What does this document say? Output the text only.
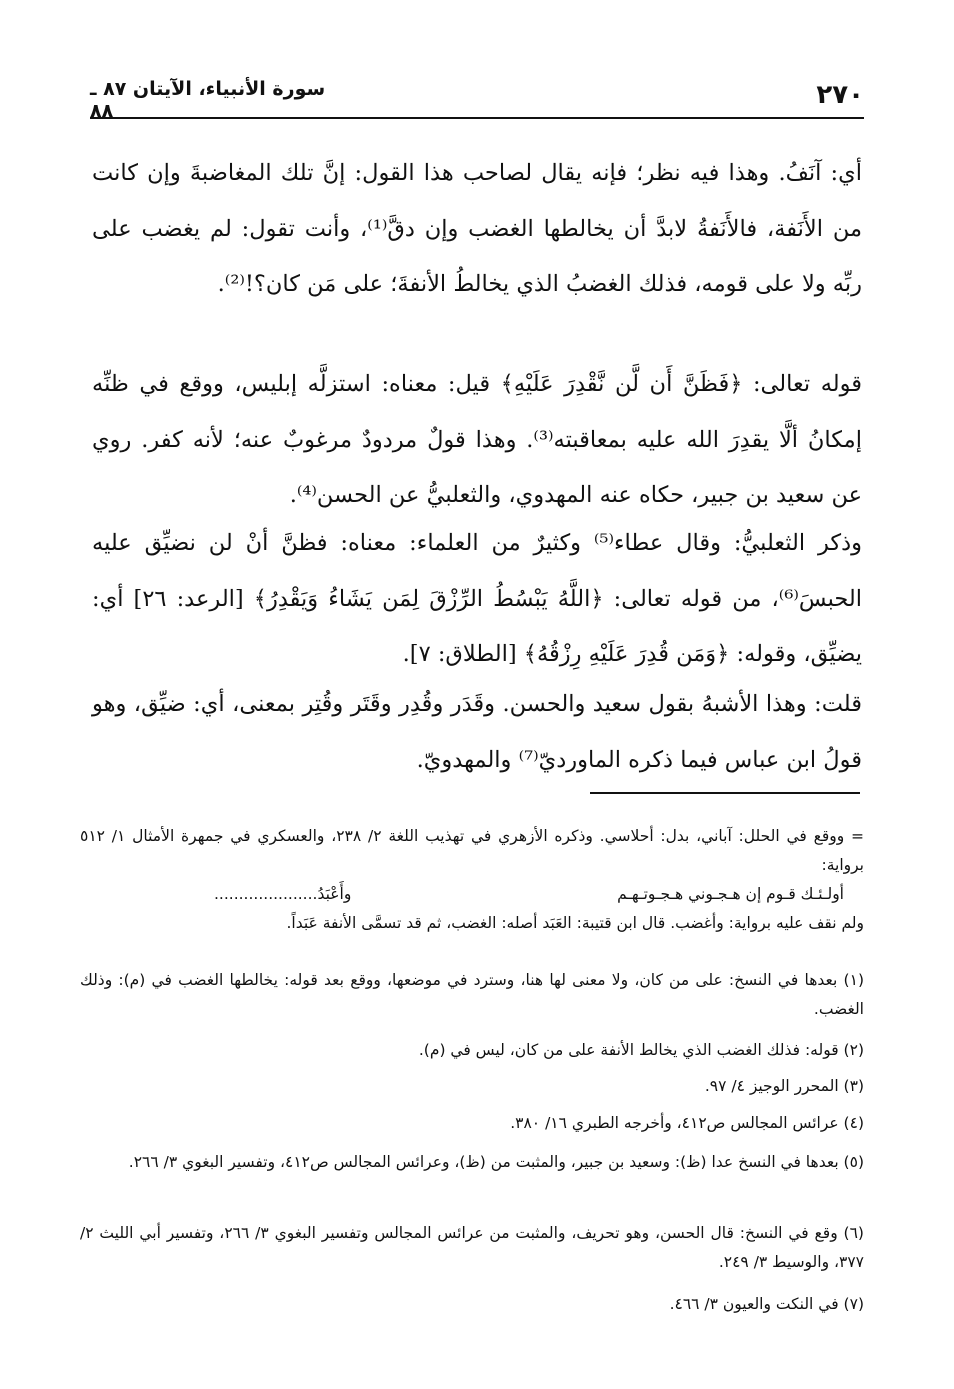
٢٧٠
سورة الأنبياء، الآيتان ٨٧ ـ ٨٨

أي: آنَفُ. وهذا فيه نظر؛ فإنه يقال لصاحب هذا القول: إنَّ تلك المغاضبةَ وإن كانت من الأَنَفة، فالأَنَفةُ لابدَّ أن يخالطها الغضب وإن دقَّ⁽¹⁾، وأنت تقول: لم يغضب على ربِّه ولا على قومه، فذلك الغضبُ الذي يخالطُ الأنفةَ؛ على مَن كان؟!⁽²⁾.

قوله تعالى: ﴿فَظَنَّ أَن لَّن نَّقْدِرَ عَلَيْهِ﴾ قيل: معناه: استزلَّه إبليس، ووقع في ظنِّه إمكانُ ألَّا يقدِرَ الله عليه بمعاقبته⁽³⁾. وهذا قولٌ مردودٌ مرغوبٌ عنه؛ لأنه كفر. روي عن سعيد بن جبير، حكاه عنه المهدوي، والثعلبيُّ عن الحسن⁽⁴⁾.

وذكر الثعلبيُّ: وقال عطاء⁽⁵⁾ وكثيرٌ من العلماء: معناه: فظنَّ أنْ لن نضيِّق عليه الحبسَ⁽⁶⁾، من قوله تعالى: ﴿اللَّهُ يَبْسُطُ الرِّزْقَ لِمَن يَشَاءُ وَيَقْدِرُ﴾ [الرعد: ٢٦] أي: يضيِّق، وقوله: ﴿وَمَن قُدِرَ عَلَيْهِ رِزْقُهُ﴾ [الطلاق: ٧].

قلت: وهذا الأشبهُ بقول سعيد والحسن. وقَدَر وقُدِر وقَتَر وقُتِر بمعنى، أي: ضيِّق، وهو قولُ ابن عباس فيما ذكره الماورديّ⁽⁷⁾ والمهدويّ.

= ووقع في الحلل: آباني، بدل: أحلاسي. وذكره الأزهري في تهذيب اللغة ٢/ ٢٣٨، والعسكري في جمهرة الأمثال ١/ ٥١٢ برواية:

أولـئـك قـوم إن هـجـوني هـجـوتـهـم
وأَعْبَدُ.....................

ولم نقف عليه برواية: وأغضب. قال ابن قتيبة: العَبَد أصله: الغضب، ثم قد تسمَّى الأنفة عَبَداً.

(١) بعدها في النسخ: على من كان، ولا معنى لها هنا، وسترد في موضعها، ووقع بعد قوله: يخالطها الغضب في (م): وذلك الغضب.

(٢) قوله: فذلك الغضب الذي يخالط الأنفة على من كان، ليس في (م).

(٣) المحرر الوجيز ٤/ ٩٧.

(٤) عرائس المجالس ص٤١٢، وأخرجه الطبري ١٦/ ٣٨٠.

(٥) بعدها في النسخ عدا (ظ): وسعيد بن جبير، والمثبت من (ظ)، وعرائس المجالس ص٤١٢، وتفسير البغوي ٣/ ٢٦٦.

(٦) وقع في النسخ: قال الحسن، وهو تحريف، والمثبت من عرائس المجالس وتفسير البغوي ٣/ ٢٦٦، وتفسير أبي الليث ٢/ ٣٧٧، والوسيط ٣/ ٢٤٩.

(٧) في النكت والعيون ٣/ ٤٦٦.
